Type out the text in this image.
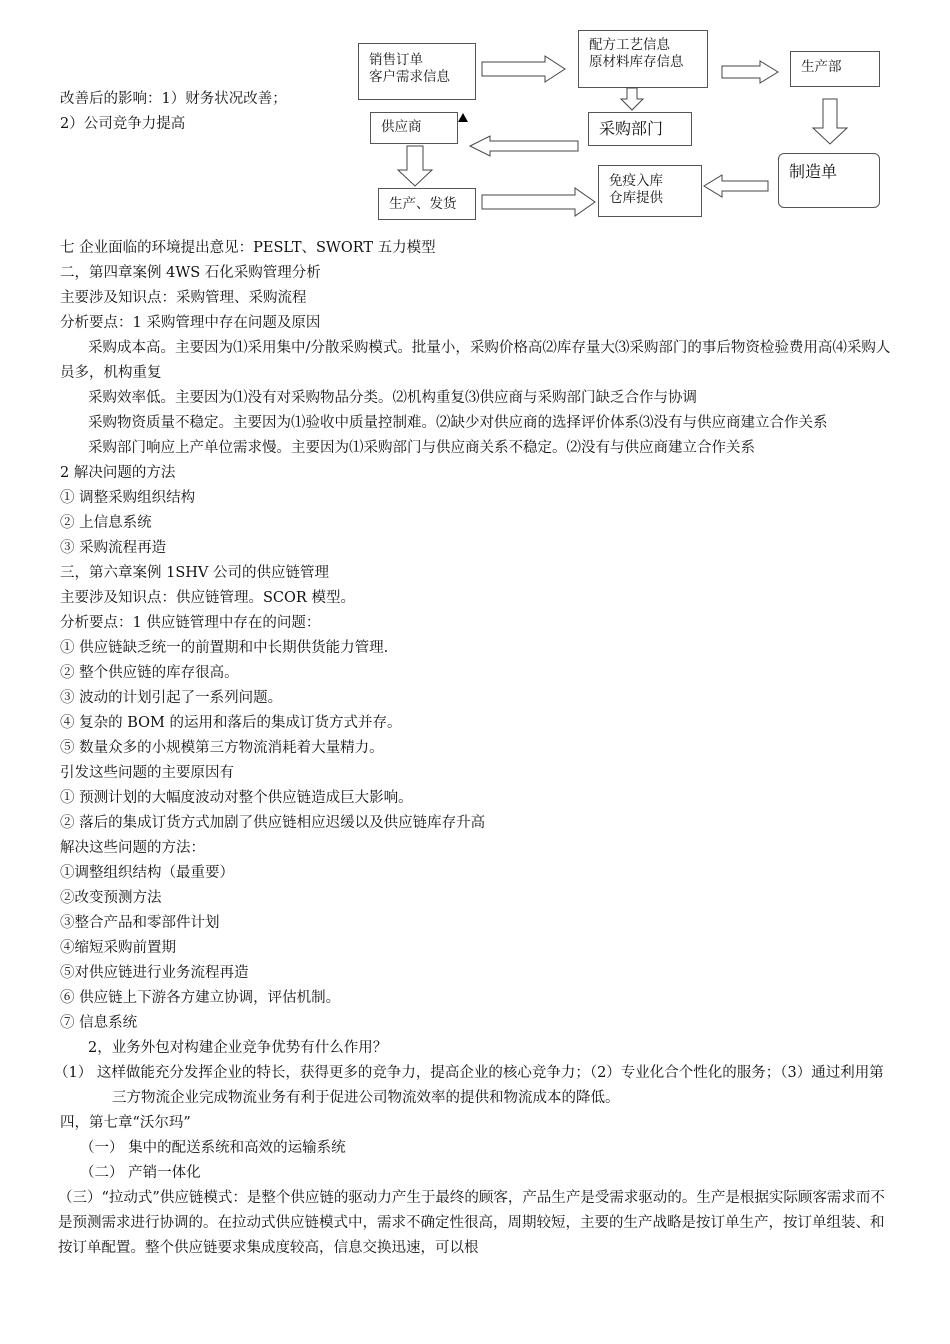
改善后的影响：1）财务状况改善；
2）公司竞争力提高
销售订单
客户需求信息
配方工艺信息
原材料库存信息	生产部
采购部门
供应商
制造单
免疫入库
仓库提供
生产、发货
七 企业面临的环境提出意见：PESLT、SWORT 五力模型
二，第四章案例 4WS 石化采购管理分析
主要涉及知识点：采购管理、采购流程
分析要点：1 采购管理中存在问题及原因
采购成本高。主要因为⑴采用集中/分散采购模式。批量小，采购价格高⑵库存量大⑶采购部门的事后物资检验费用高⑷采购人员多，机构重复
采购效率低。主要因为⑴没有对采购物品分类。⑵机构重复⑶供应商与采购部门缺乏合作与协调
采购物资质量不稳定。主要因为⑴验收中质量控制难。⑵缺少对供应商的选择评价体系⑶没有与供应商建立合作关系
采购部门响应上产单位需求慢。主要因为⑴采购部门与供应商关系不稳定。⑵没有与供应商建立合作关系
2 解决问题的方法
① 调整采购组织结构
② 上信息系统
③ 采购流程再造
三，第六章案例 1SHV 公司的供应链管理
主要涉及知识点：供应链管理。SCOR 模型。
分析要点：1 供应链管理中存在的问题：
① 供应链缺乏统一的前置期和中长期供货能力管理.
② 整个供应链的库存很高。
③ 波动的计划引起了一系列问题。
④ 复杂的 BOM 的运用和落后的集成订货方式并存。
⑤ 数量众多的小规模第三方物流消耗着大量精力。
引发这些问题的主要原因有
① 预测计划的大幅度波动对整个供应链造成巨大影响。
② 落后的集成订货方式加剧了供应链相应迟缓以及供应链库存升高
解决这些问题的方法：
①调整组织结构（最重要）
②改变预测方法
③整合产品和零部件计划
④缩短采购前置期
⑤对供应链进行业务流程再造
⑥ 供应链上下游各方建立协调，评估机制。
⑦ 信息系统
2，业务外包对构建企业竞争优势有什么作用？
（1） 这样做能充分发挥企业的特长，获得更多的竞争力，提高企业的核心竞争力；（2）专业化合个性化的服务；（3）通过利用第三方物流企业完成物流业务有利于促进公司物流效率的提供和物流成本的降低。
四，第七章“沃尔玛”
（一） 集中的配送系统和高效的运输系统
（二） 产销一体化
（三）“拉动式”供应链模式：是整个供应链的驱动力产生于最终的顾客，产品生产是受需求驱动的。生产是根据实际顾客需求而不是预测需求进行协调的。在拉动式供应链模式中，需求不确定性很高，周期较短，主要的生产战略是按订单生产，按订单组装、和按订单配置。整个供应链要求集成度较高，信息交换迅速，可以根
